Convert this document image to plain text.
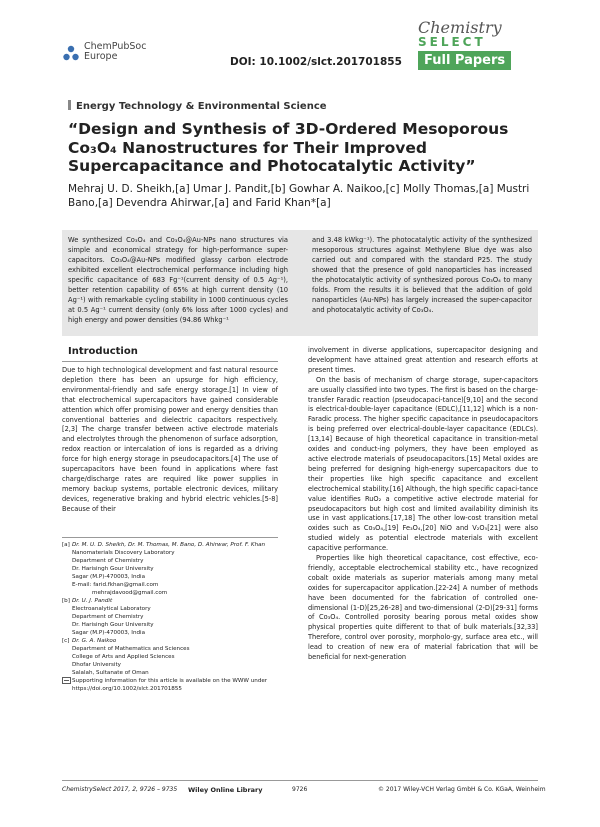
ChemPubSoc
Europe	DOI: 10.1002/slct.201701855
Chemistry
SELECT
Full Papers
Energy Technology & Environmental Science
“Design and Synthesis of 3D-Ordered Mesoporous Co₃O₄ Nanostructures for Their Improved Supercapacitance and Photocatalytic Activity”
Mehraj U. D. Sheikh,[a] Umar J. Pandit,[b] Gowhar A. Naikoo,[c] Molly Thomas,[a] Mustri Bano,[a] Devendra Ahirwar,[a] and Farid Khan*[a]
We synthesized Co₃O₄ and Co₃O₄@Au-NPs nano structures via simple and economical strategy for high-performance super-capacitors. Co₃O₄@Au-NPs modified glassy carbon electrode exhibited excellent electrochemical performance including high specific capacitance of 683 Fg⁻¹(current density of 0.5 Ag⁻¹), better retention capability of 65% at high current density (10 Ag⁻¹) with remarkable cycling stability in 1000 continuous cycles at 0.5 Ag⁻¹ current density (only 6% loss after 1000 cycles) and high energy and power densities (94.86 Whkg⁻¹
and 3.48 kWkg⁻¹). The photocatalytic activity of the synthesized mesoporous structures against Methylene Blue dye was also carried out and compared with the standard P25. The study showed that the presence of gold nanoparticles has increased the photocatalytic activity of synthesized porous Co₃O₄ to many folds. From the results it is believed that the addition of gold nanoparticles (Au-NPs) has largely increased the super-capacitor and photocatalytic activity of Co₃O₄.
Introduction

Due to high technological development and fast natural resource depletion there has been an upsurge for high efficiency, environmental-friendly and safe energy storage.[1] In view of that electrochemical supercapacitors have gained considerable attention which offer promising power and energy densities than conventional batteries and dielectric capacitors respectively.[2,3] The charge transfer between active electrode materials and electrolytes through the phenomenon of surface adsorption, redox reaction or intercalation of ions is regarded as a driving force for high energy storage in pseudocapacitors.[4] The use of supercapacitors have been found in applications where fast charge/discharge rates are required like power supplies in memory backup systems, portable electronic devices, military devices, regenerative braking and hybrid electric vehicles.[5-8] Because of their

involvement in diverse applications, supercapacitor designing and development have attained great attention and research efforts at present times.

On the basis of mechanism of charge storage, super-capacitors are usually classified into two types. The first is based on the charge-transfer Faradic reaction (pseudocapaci-tance)[9,10] and the second is electrical-double-layer capacitance (EDLC),[11,12] which is a non-Faradic process. The higher specific capacitance in pseudocapacitors is being preferred over electrical-double-layer capacitance (EDLCs).[13,14] Because of high theoretical capacitance in transition-metal oxides and conduct-ing polymers, they have been employed as active electrode materials of pseudocapacitors.[15] Metal oxides are being preferred for designing high-energy supercapacitors due to their properties like high specific capacitance and excellent electrochemical stability.[16] Although, the high specific capaci-tance value identifies RuO₂ a competitive active electrode material for pseudocapacitors but high cost and limited availability diminish its use in vast applications.[17,18] The other low-cost transition metal oxides such as Co₃O₄,[19] Fe₃O₄,[20] NiO and V₂O₅[21] were also studied widely as potential electrode materials with excellent capacitive performance.

Properties like high theoretical capacitance, cost effective, eco-friendly, acceptable electrochemical stability etc., have recognized cobalt oxide materials as superior materials among many metal oxides for supercapacitor application.[22-24] A number of methods have been documented for the fabrication of controlled one-dimensional (1-D)[25,26-28] and two-dimensional (2-D)[29-31] forms of Co₃O₄. Controlled porosity bearing porous metal oxides show physical properties quite different to that of bulk materials.[32,33] Therefore, control over porosity, morpholo-gy, surface area etc., will lead to creation of new era of material fabrication that will be beneficial for next-generation

[a] Dr. M. U. D. Sheikh, Dr. M. Thomas, M. Bano, D. Ahirwar, Prof. F. Khan
Nanomaterials Discovery Laboratory
Department of Chemistry
Dr. Harisingh Gour University
Sagar (M.P)-470003, India
E-mail: farid.fkhan@gmail.com
mehrajdavood@gmail.com
[b] Dr. U. J. Pandit
Electroanalytical Laboratory
Department of Chemistry
Dr. Harisingh Gour University
Sagar (M.P)-470003, India
[c] Dr. G. A. Naikoo
Department of Mathematics and Sciences
College of Arts and Applied Sciences
Dhofar University
Salalah, Sultanate of Oman
Supporting information for this article is available on the WWW under https://doi.org/10.1002/slct.201701855
ChemistrySelect 2017, 2, 9726 – 9735 Wiley Online Library	9726	© 2017 Wiley-VCH Verlag GmbH & Co. KGaA, Weinheim
